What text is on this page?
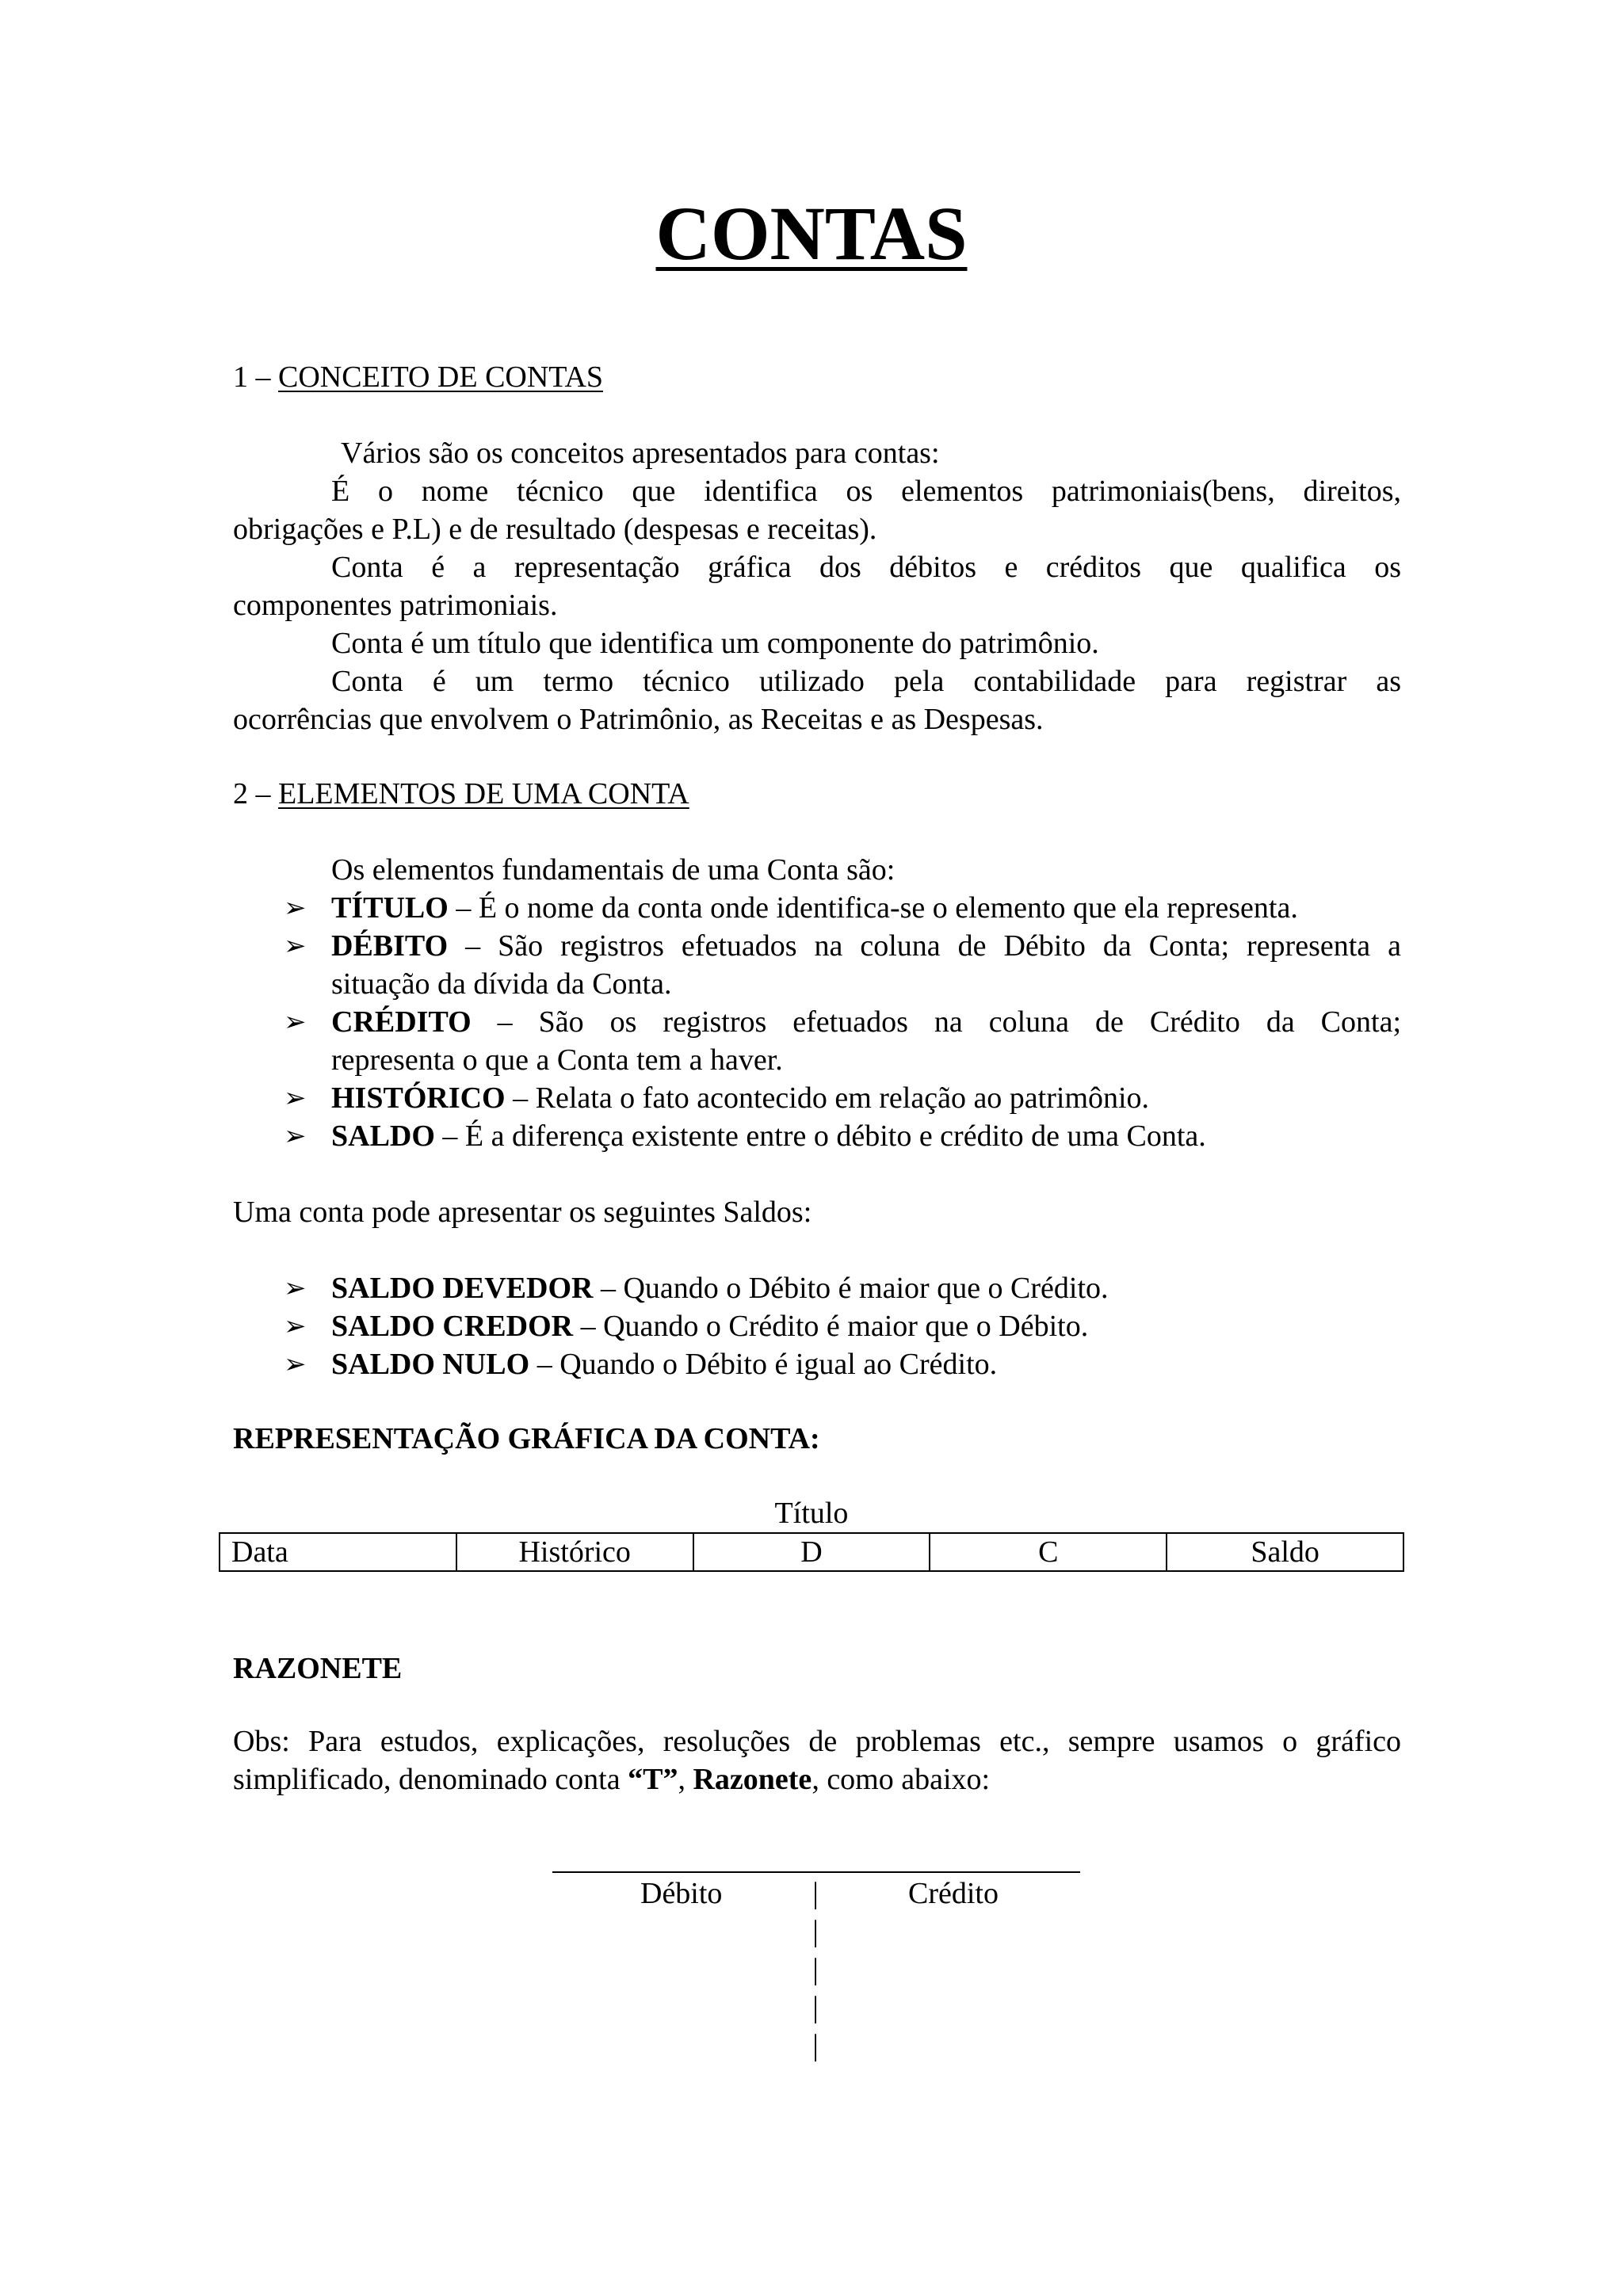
CONTAS
1 – CONCEITO DE CONTAS
Vários são os conceitos apresentados para contas:
É o nome técnico que identifica os elementos patrimoniais(bens, direitos,
obrigações e P.L) e de resultado (despesas e receitas).
Conta é a representação gráfica dos débitos e créditos que qualifica os
componentes patrimoniais.
Conta é um título que identifica um componente do patrimônio.
Conta é um termo técnico utilizado pela contabilidade para registrar as
ocorrências que envolvem o Patrimônio, as Receitas e as Despesas.
2 – ELEMENTOS DE UMA CONTA
Os elementos fundamentais de uma Conta são:
➢ TÍTULO – É o nome da conta onde identifica-se o elemento que ela representa.
➢ DÉBITO – São registros efetuados na coluna de Débito da Conta; representa a
situação da dívida da Conta.
➢ CRÉDITO – São os registros efetuados na coluna de Crédito da Conta;
representa o que a Conta tem a haver.
➢ HISTÓRICO – Relata o fato acontecido em relação ao patrimônio.
➢ SALDO – É a diferença existente entre o débito e crédito de uma Conta.
Uma conta pode apresentar os seguintes Saldos:
➢ SALDO DEVEDOR – Quando o Débito é maior que o Crédito.
➢ SALDO CREDOR – Quando o Crédito é maior que o Débito.
➢ SALDO NULO – Quando o Débito é igual ao Crédito.
REPRESENTAÇÃO GRÁFICA DA CONTA:
Título
Data	Histórico	D	C	Saldo
RAZONETE
Obs: Para estudos, explicações, resoluções de problemas etc., sempre usamos o gráfico
simplificado, denominado conta “T”, Razonete, como abaixo:
Débito	Crédito
|
|
|
|
|
